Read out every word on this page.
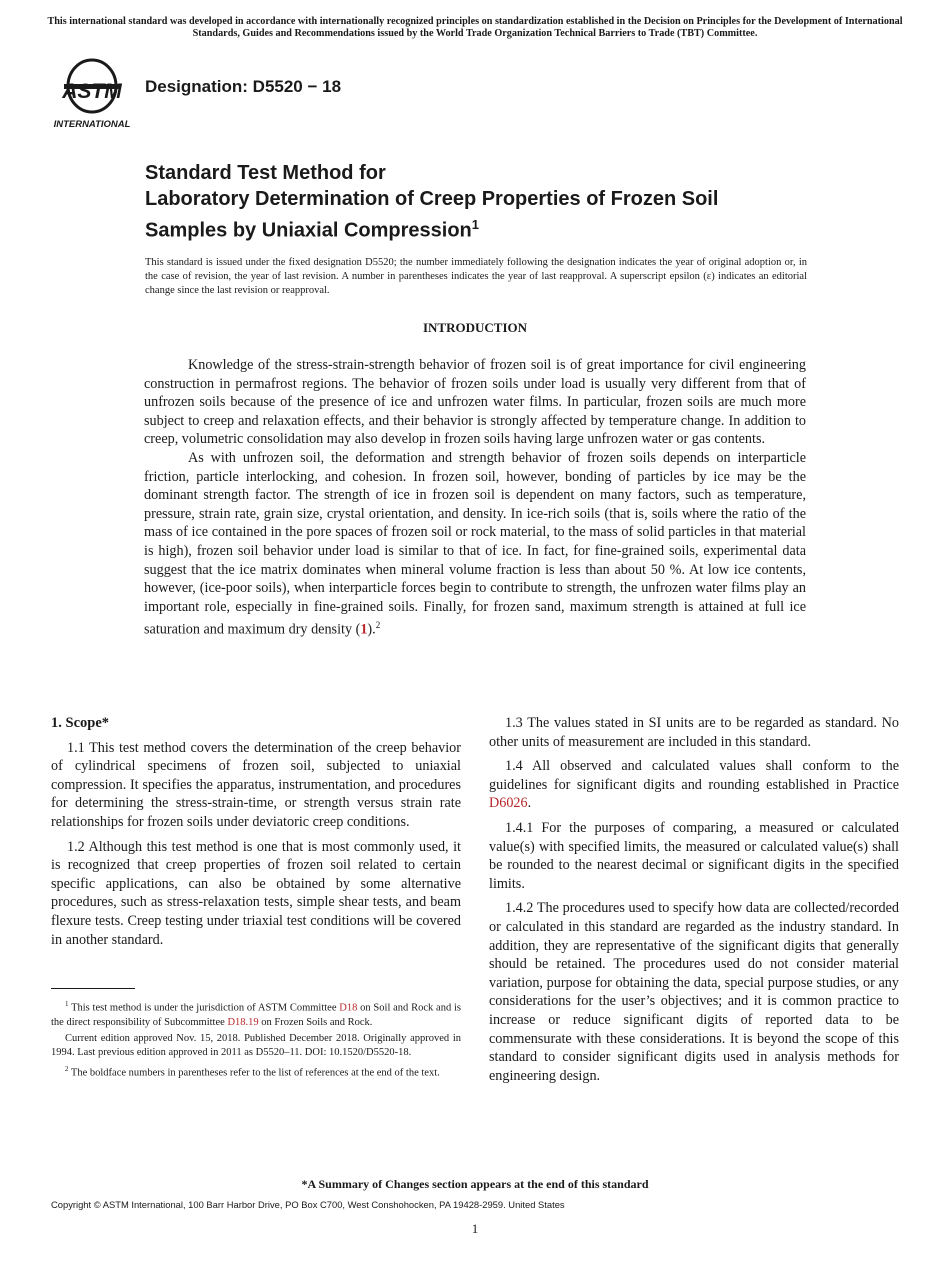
This international standard was developed in accordance with internationally recognized principles on standardization established in the Decision on Principles for the Development of International Standards, Guides and Recommendations issued by the World Trade Organization Technical Barriers to Trade (TBT) Committee.
ASTM
INTERNATIONAL
Designation: D5520 − 18
Standard Test Method for
Laboratory Determination of Creep Properties of Frozen Soil
Samples by Uniaxial Compression$^1$
This standard is issued under the fixed designation D5520; the number immediately following the designation indicates the year of original adoption or, in the case of revision, the year of last revision. A number in parentheses indicates the year of last reapproval. A superscript epsilon (ε) indicates an editorial change since the last revision or reapproval.
INTRODUCTION

Knowledge of the stress-strain-strength behavior of frozen soil is of great importance for civil engineering construction in permafrost regions. The behavior of frozen soils under load is usually very different from that of unfrozen soils because of the presence of ice and unfrozen water films. In particular, frozen soils are much more subject to creep and relaxation effects, and their behavior is strongly affected by temperature change. In addition to creep, volumetric consolidation may also develop in frozen soils having large unfrozen water or gas contents.

As with unfrozen soil, the deformation and strength behavior of frozen soils depends on interparticle friction, particle interlocking, and cohesion. In frozen soil, however, bonding of particles by ice may be the dominant strength factor. The strength of ice in frozen soil is dependent on many factors, such as temperature, pressure, strain rate, grain size, crystal orientation, and density. In ice-rich soils (that is, soils where the ratio of the mass of ice contained in the pore spaces of frozen soil or rock material, to the mass of solid particles in that material is high), frozen soil behavior under load is similar to that of ice. In fact, for fine-grained soils, experimental data suggest that the ice matrix dominates when mineral volume fraction is less than about 50 %. At low ice contents, however, (ice-poor soils), when interparticle forces begin to contribute to strength, the unfrozen water films play an important role, especially in fine-grained soils. Finally, for frozen sand, maximum strength is attained at full ice saturation and maximum dry density (1).$^2$

1. Scope*

1.1 This test method covers the determination of the creep behavior of cylindrical specimens of frozen soil, subjected to uniaxial compression. It specifies the apparatus, instrumentation, and procedures for determining the stress-strain-time, or strength versus strain rate relationships for frozen soils under deviatoric creep conditions.

1.2 Although this test method is one that is most commonly used, it is recognized that creep properties of frozen soil related to certain specific applications, can also be obtained by some alternative procedures, such as stress-relaxation tests, simple shear tests, and beam flexure tests. Creep testing under triaxial test conditions will be covered in another standard.

$^1$ This test method is under the jurisdiction of ASTM Committee D18 on Soil and Rock and is the direct responsibility of Subcommittee D18.19 on Frozen Soils and Rock.

Current edition approved Nov. 15, 2018. Published December 2018. Originally approved in 1994. Last previous edition approved in 2011 as D5520–11. DOI: 10.1520/D5520-18.

$^2$ The boldface numbers in parentheses refer to the list of references at the end of the text.

1.3 The values stated in SI units are to be regarded as standard. No other units of measurement are included in this standard.

1.4 All observed and calculated values shall conform to the guidelines for significant digits and rounding established in Practice D6026.

1.4.1 For the purposes of comparing, a measured or calculated value(s) with specified limits, the measured or calculated value(s) shall be rounded to the nearest decimal or significant digits in the specified limits.

1.4.2 The procedures used to specify how data are collected/recorded or calculated in this standard are regarded as the industry standard. In addition, they are representative of the significant digits that generally should be retained. The procedures used do not consider material variation, purpose for obtaining the data, special purpose studies, or any considerations for the user’s objectives; and it is common practice to increase or reduce significant digits of reported data to be commensurate with these considerations. It is beyond the scope of this standard to consider significant digits used in analysis methods for engineering design.

*A Summary of Changes section appears at the end of this standard
Copyright © ASTM International, 100 Barr Harbor Drive, PO Box C700, West Conshohocken, PA 19428-2959. United States
1
